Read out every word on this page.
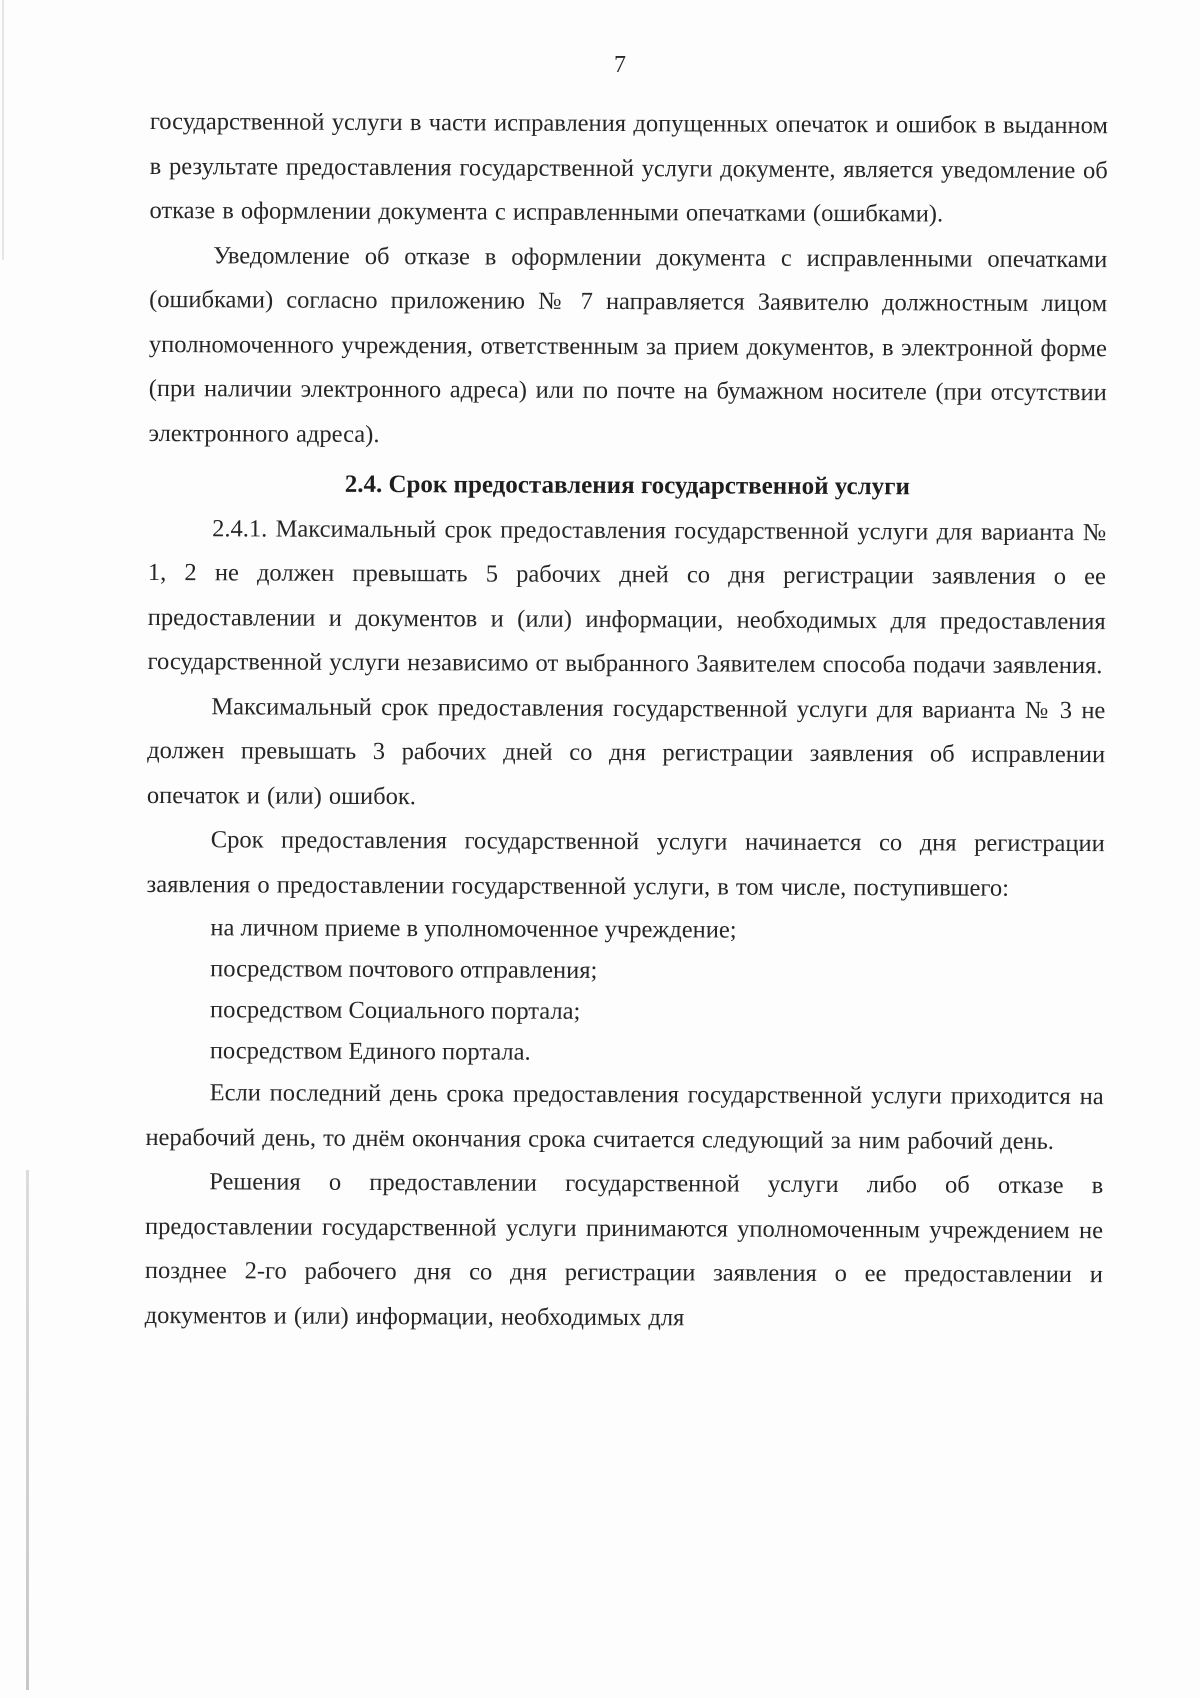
7

государственной услуги в части исправления допущенных опечаток и ошибок в выданном в результате предоставления государственной услуги документе, является уведомление об отказе в оформлении документа с исправленными опечатками (ошибками).

Уведомление об отказе в оформлении документа с исправленными опечатками (ошибками) согласно приложению № 7 направляется Заявителю должностным лицом уполномоченного учреждения, ответственным за прием документов, в электронной форме (при наличии электронного адреса) или по почте на бумажном носителе (при отсутствии электронного адреса).

2.4. Срок предоставления государственной услуги

2.4.1. Максимальный срок предоставления государственной услуги для варианта № 1, 2 не должен превышать 5 рабочих дней со дня регистрации заявления о ее предоставлении и документов и (или) информации, необходимых для предоставления государственной услуги независимо от выбранного Заявителем способа подачи заявления.

Максимальный срок предоставления государственной услуги для варианта № 3 не должен превышать 3 рабочих дней со дня регистрации заявления об исправлении опечаток и (или) ошибок.

Срок предоставления государственной услуги начинается со дня регистрации заявления о предоставлении государственной услуги, в том числе, поступившего:

на личном приеме в уполномоченное учреждение;

посредством почтового отправления;

посредством Социального портала;

посредством Единого портала.

Если последний день срока предоставления государственной услуги приходится на нерабочий день, то днём окончания срока считается следующий за ним рабочий день.

Решения о предоставлении государственной услуги либо об отказе в предоставлении государственной услуги принимаются уполномоченным учреждением не позднее 2-го рабочего дня со дня регистрации заявления о ее предоставлении и документов и (или) информации, необходимых для
